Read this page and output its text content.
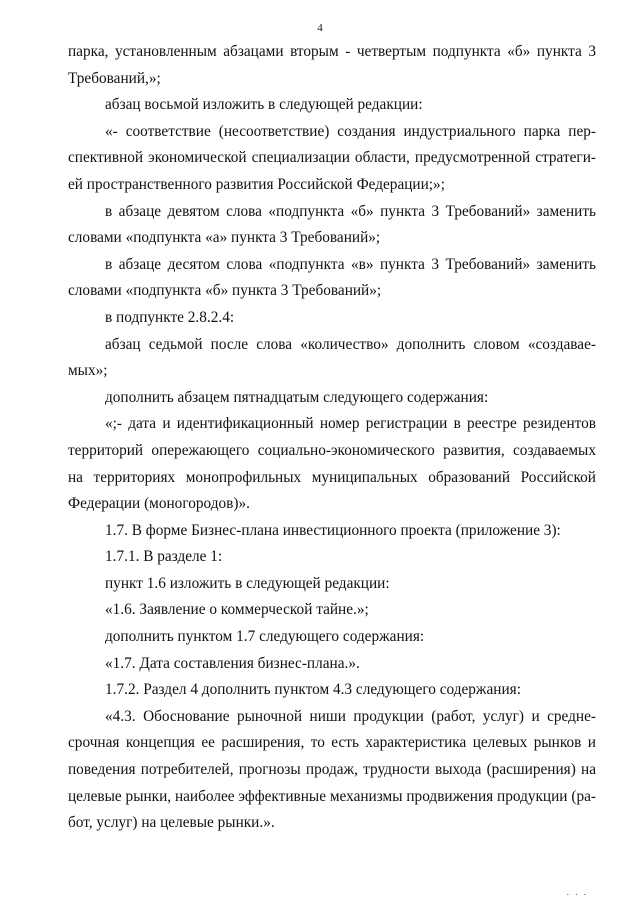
4

парка, установленным абзацами вторым - четвертым подпункта «б» пункта 3 Требований,»;

абзац восьмой изложить в следующей редакции:

«- соответствие (несоответствие) создания индустриального парка перспективной экономической специализации области, предусмотренной стратегией пространственного развития Российской Федерации;»;

в абзаце девятом слова «подпункта «б» пункта 3 Требований» заменить словами «подпункта «а» пункта 3 Требований»;

в абзаце десятом слова «подпункта «в» пункта 3 Требований» заменить словами «подпункта «б» пункта 3 Требований»;

в подпункте 2.8.2.4:

абзац седьмой после слова «количество» дополнить словом «создаваемых»;

дополнить абзацем пятнадцатым следующего содержания:

«;- дата и идентификационный номер регистрации в реестре резидентов территорий опережающего социально-экономического развития, создаваемых на территориях монопрофильных муниципальных образований Российской Федерации (моногородов)».

1.7. В форме Бизнес-плана инвестиционного проекта (приложение 3):

1.7.1. В разделе 1:

пункт 1.6 изложить в следующей редакции:

«1.6. Заявление о коммерческой тайне.»;

дополнить пунктом 1.7 следующего содержания:

«1.7. Дата составления бизнес-плана.».

1.7.2. Раздел 4 дополнить пунктом 4.3 следующего содержания:

«4.3. Обоснование рыночной ниши продукции (работ, услуг) и среднесрочная концепция ее расширения, то есть характеристика целевых рынков и поведения потребителей, прогнозы продаж, трудности выхода (расширения) на целевые рынки, наиболее эффективные механизмы продвижения продукции (работ, услуг) на целевые рынки.».

. . .
